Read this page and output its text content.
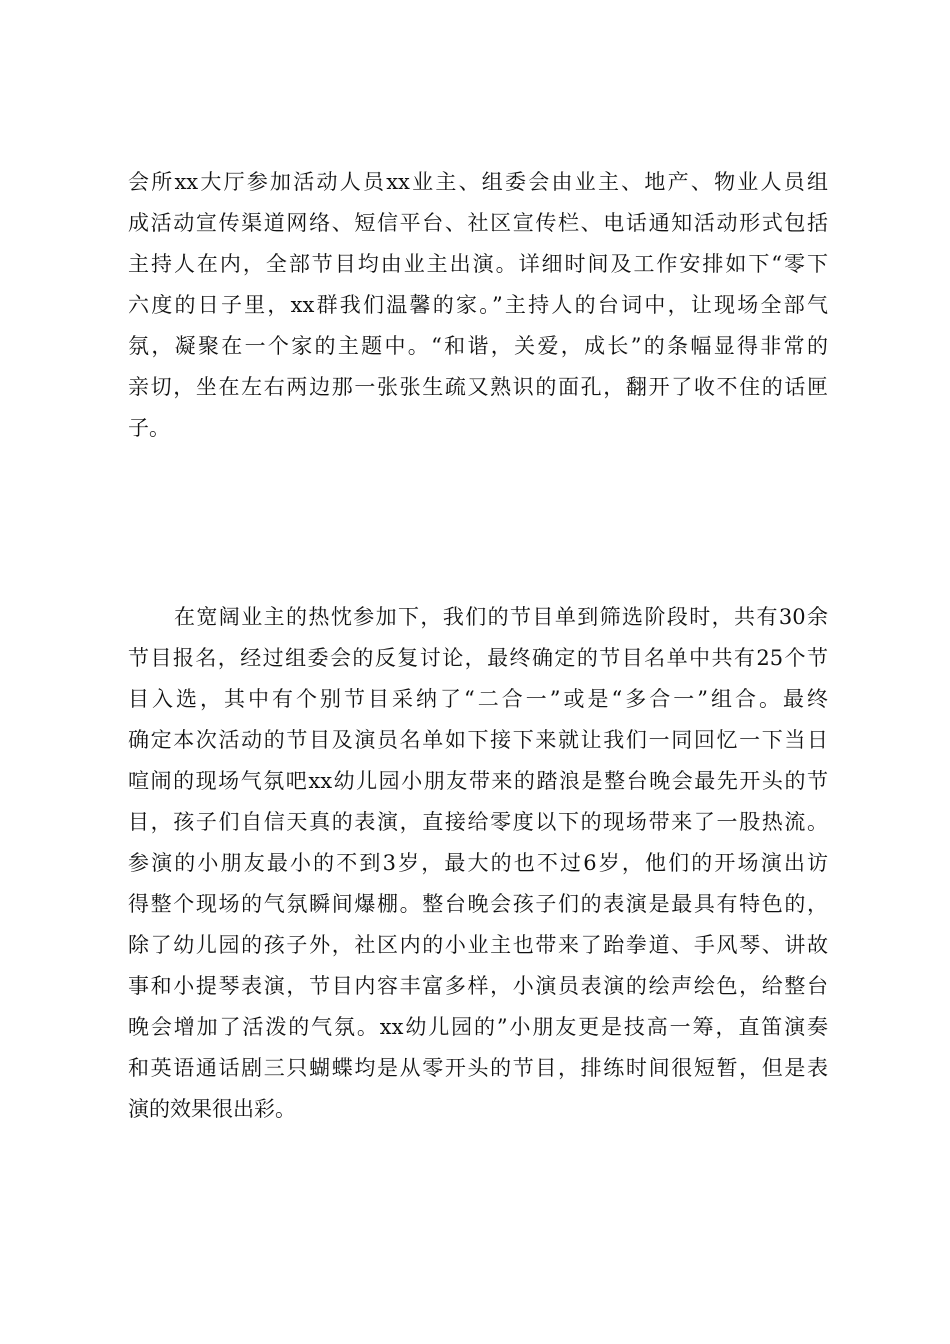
会所xx大厅参加活动人员xx业主、组委会由业主、地产、物业人员组
成活动宣传渠道网络、短信平台、社区宣传栏、电话通知活动形式包括
主持人在内，全部节目均由业主出演。详细时间及工作安排如下“零下
六度的日子里，xx群我们温馨的家。”主持人的台词中，让现场全部气
氛，凝聚在一个家的主题中。“和谐，关爱，成长”的条幅显得非常的
亲切，坐在左右两边那一张张生疏又熟识的面孔，翻开了收不住的话匣
子。
在宽阔业主的热忱参加下，我们的节目单到筛选阶段时，共有30余
节目报名，经过组委会的反复讨论，最终确定的节目名单中共有25个节
目入选，其中有个别节目采纳了“二合一”或是“多合一”组合。最终
确定本次活动的节目及演员名单如下接下来就让我们一同回忆一下当日
喧闹的现场气氛吧xx幼儿园小朋友带来的踏浪是整台晚会最先开头的节
目，孩子们自信天真的表演，直接给零度以下的现场带来了一股热流。
参演的小朋友最小的不到3岁，最大的也不过6岁，他们的开场演出访
得整个现场的气氛瞬间爆棚。整台晚会孩子们的表演是最具有特色的，
除了幼儿园的孩子外，社区内的小业主也带来了跆拳道、手风琴、讲故
事和小提琴表演，节目内容丰富多样，小演员表演的绘声绘色，给整台
晚会增加了活泼的气氛。xx幼儿园的”小朋友更是技高一筹，直笛演奏
和英语通话剧三只蝴蝶均是从零开头的节目，排练时间很短暂，但是表
演的效果很出彩。
